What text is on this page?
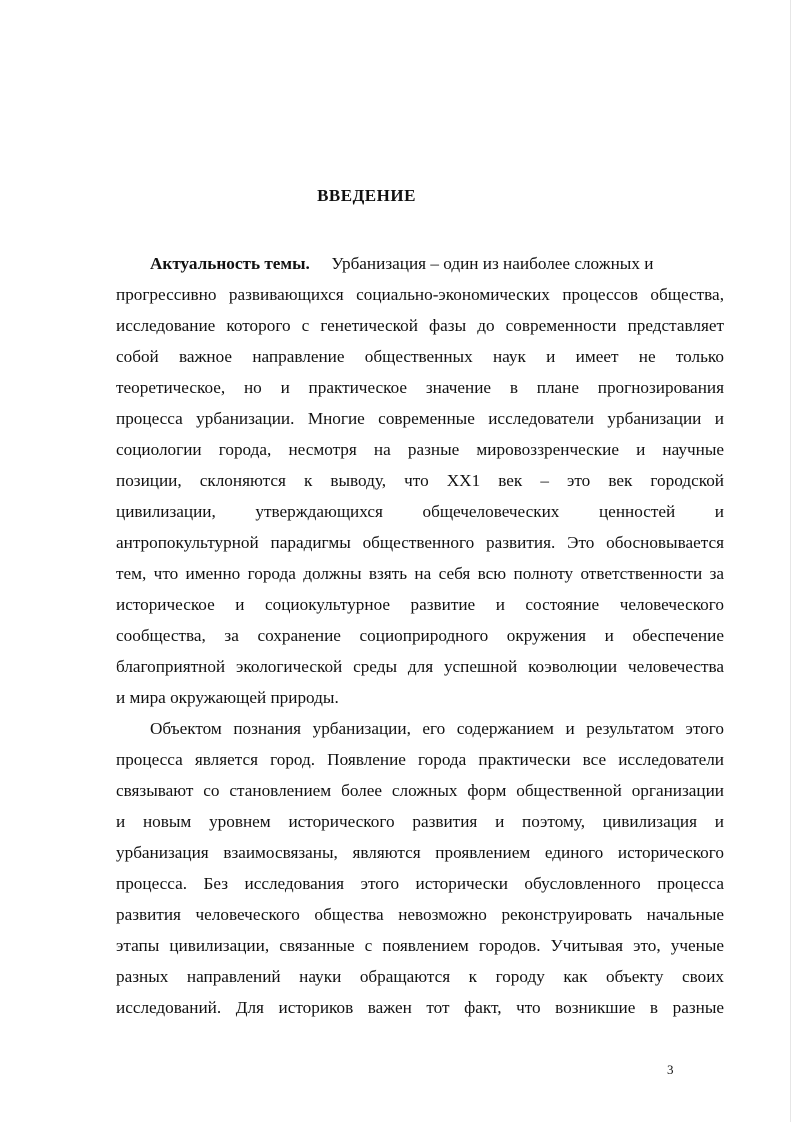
ВВЕДЕНИЕ
Актуальность темы. Урбанизация – один из наиболее сложных и
прогрессивно развивающихся социально-экономических процессов общества,
исследование которого с генетической фазы до современности представляет
собой важное направление общественных наук и имеет не только
теоретическое, но и практическое значение в плане прогнозирования
процесса урбанизации. Многие современные исследователи урбанизации и
социологии города, несмотря на разные мировоззренческие и научные
позиции, склоняются к выводу, что XX1 век – это век городской
цивилизации, утверждающихся общечеловеческих ценностей и
антропокультурной парадигмы общественного развития. Это обосновывается
тем, что именно города должны взять на себя всю полноту ответственности за
историческое и социокультурное развитие и состояние человеческого
сообщества, за сохранение социоприродного окружения и обеспечение
благоприятной экологической среды для успешной коэволюции человечества
и мира окружающей природы.
Объектом познания урбанизации, его содержанием и результатом этого
процесса является город. Появление города практически все исследователи
связывают со становлением более сложных форм общественной организации
и новым уровнем исторического развития и поэтому, цивилизация и
урбанизация взаимосвязаны, являются проявлением единого исторического
процесса. Без исследования этого исторически обусловленного процесса
развития человеческого общества невозможно реконструировать начальные
этапы цивилизации, связанные с появлением городов. Учитывая это, ученые
разных направлений науки обращаются к городу как объекту своих
исследований. Для историков важен тот факт, что возникшие в разные
3
